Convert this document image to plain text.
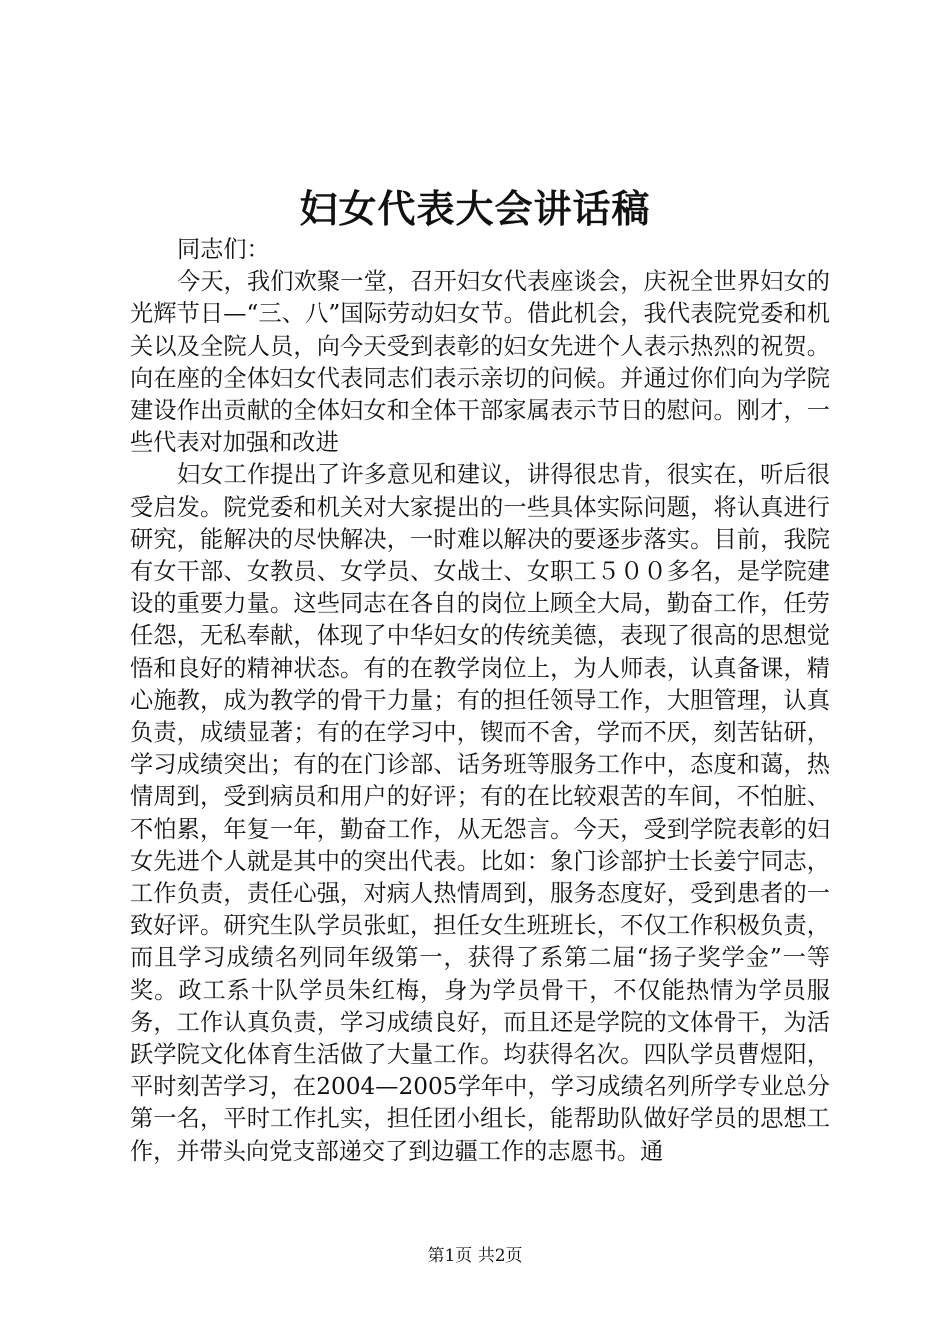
妇女代表大会讲话稿

同志们：

今天，我们欢聚一堂，召开妇女代表座谈会，庆祝全世界妇女的光辉节日—“三、八”国际劳动妇女节。借此机会，我代表院党委和机关以及全院人员，向今天受到表彰的妇女先进个人表示热烈的祝贺。向在座的全体妇女代表同志们表示亲切的问候。并通过你们向为学院建设作出贡献的全体妇女和全体干部家属表示节日的慰问。刚才，一些代表对加强和改进

妇女工作提出了许多意见和建议，讲得很忠肯，很实在，听后很受启发。院党委和机关对大家提出的一些具体实际问题，将认真进行研究，能解决的尽快解决，一时难以解决的要逐步落实。目前，我院有女干部、女教员、女学员、女战士、女职工５００多名，是学院建设的重要力量。这些同志在各自的岗位上顾全大局，勤奋工作，任劳任怨，无私奉献，体现了中华妇女的传统美德，表现了很高的思想觉悟和良好的精神状态。有的在教学岗位上，为人师表，认真备课，精心施教，成为教学的骨干力量；有的担任领导工作，大胆管理，认真负责，成绩显著；有的在学习中，锲而不舍，学而不厌，刻苦钻研，学习成绩突出；有的在门诊部、话务班等服务工作中，态度和蔼，热情周到，受到病员和用户的好评；有的在比较艰苦的车间，不怕脏、不怕累，年复一年，勤奋工作，从无怨言。今天，受到学院表彰的妇女先进个人就是其中的突出代表。比如：象门诊部护士长姜宁同志，工作负责，责任心强，对病人热情周到，服务态度好，受到患者的一致好评。研究生队学员张虹，担任女生班班长，不仅工作积极负责，而且学习成绩名列同年级第一，获得了系第二届“扬子奖学金”一等奖。政工系十队学员朱红梅，身为学员骨干，不仅能热情为学员服务，工作认真负责，学习成绩良好，而且还是学院的文体骨干，为活跃学院文化体育生活做了大量工作。均获得名次。四队学员曹煜阳，平时刻苦学习，在2004—2005学年中，学习成绩名列所学专业总分第一名，平时工作扎实，担任团小组长，能帮助队做好学员的思想工作，并带头向党支部递交了到边疆工作的志愿书。通

第1页 共2页
